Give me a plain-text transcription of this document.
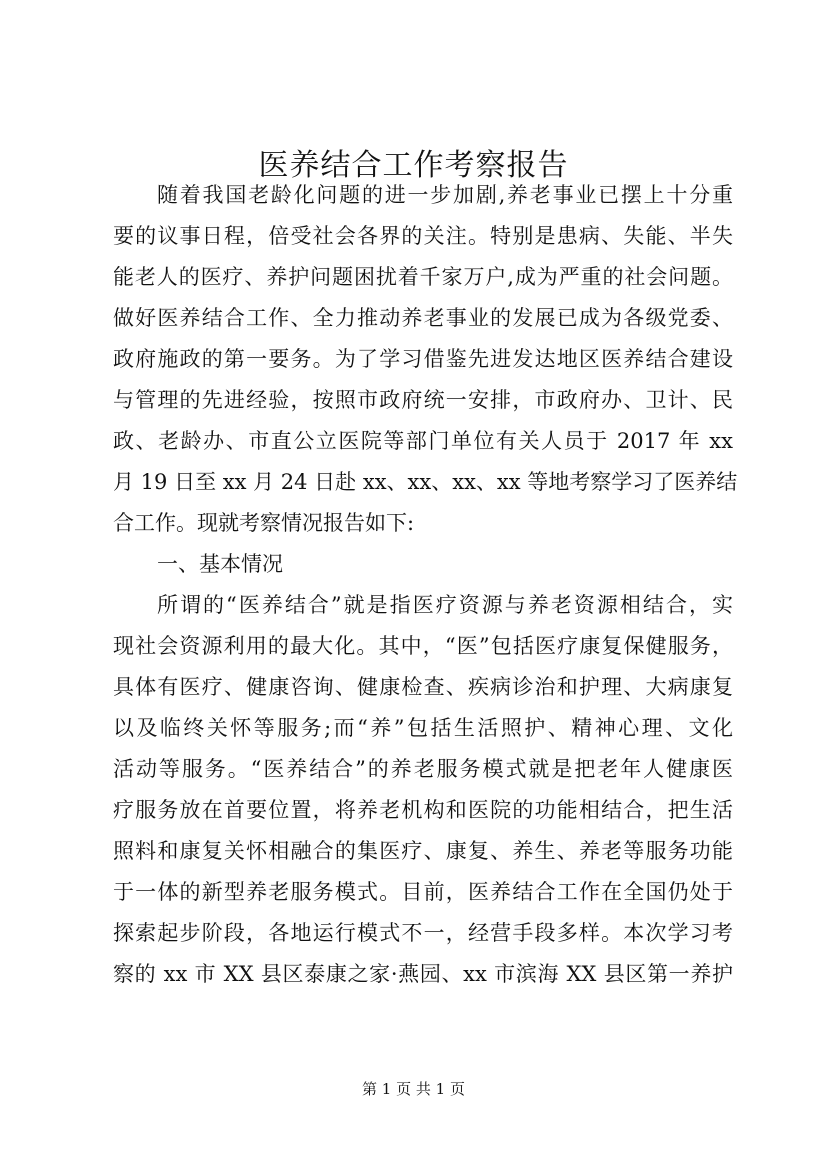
医养结合工作考察报告
随着我国老龄化问题的进一步加剧,养老事业已摆上十分重
要的议事日程，倍受社会各界的关注。特别是患病、失能、半失
能老人的医疗、养护问题困扰着千家万户,成为严重的社会问题。
做好医养结合工作、全力推动养老事业的发展已成为各级党委、
政府施政的第一要务。为了学习借鉴先进发达地区医养结合建设
与管理的先进经验，按照市政府统一安排，市政府办、卫计、民
政、老龄办、市直公立医院等部门单位有关人员于 2017 年 xx
月 19 日至 xx 月 24 日赴 xx、xx、xx、xx 等地考察学习了医养结
合工作。现就考察情况报告如下:
一、基本情况
所谓的“医养结合”就是指医疗资源与养老资源相结合，实
现社会资源利用的最大化。其中，“医”包括医疗康复保健服务，
具体有医疗、健康咨询、健康检查、疾病诊治和护理、大病康复
以及临终关怀等服务;而“养”包括生活照护、精神心理、文化
活动等服务。“医养结合”的养老服务模式就是把老年人健康医
疗服务放在首要位置，将养老机构和医院的功能相结合，把生活
照料和康复关怀相融合的集医疗、康复、养生、养老等服务功能
于一体的新型养老服务模式。目前，医养结合工作在全国仍处于
探索起步阶段，各地运行模式不一，经营手段多样。本次学习考
察的 xx 市 XX 县区泰康之家·燕园、xx 市滨海 XX 县区第一养护
第 1 页 共 1 页
